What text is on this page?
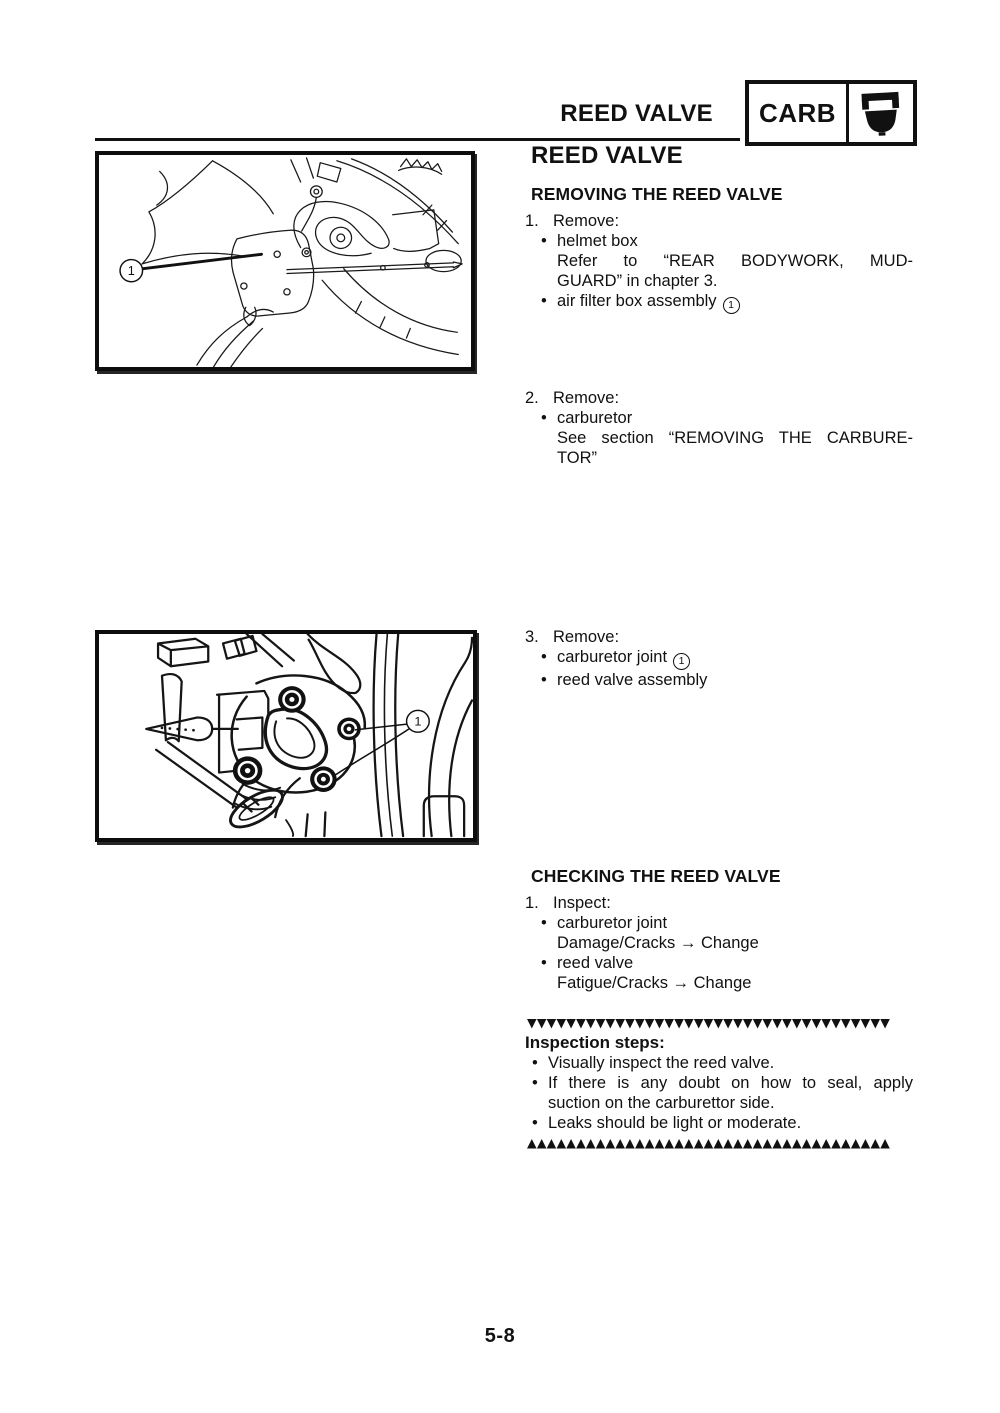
REED VALVE	CARB
1
1
REED VALVE
REMOVING THE REED VALVE
1. Remove:
• helmet box
Refer to “REAR BODYWORK, MUD-
GUARD” in chapter 3.
• air filter box assembly 1
2. Remove:
• carburetor
See section “REMOVING THE CARBURE-
TOR”
3. Remove:
• carburetor joint 1
• reed valve assembly
CHECKING THE REED VALVE
1. Inspect:
• carburetor joint
Damage/Cracks → Change
• reed valve
Fatigue/Cracks → Change
▼▼▼▼▼▼▼▼▼▼▼▼▼▼▼▼▼▼▼▼▼▼▼▼▼▼▼▼▼▼▼▼▼▼▼▼▼
Inspection steps:
• Visually inspect the reed valve.
• If there is any doubt on how to seal, apply
suction on the carburettor side.
• Leaks should be light or moderate.
▲▲▲▲▲▲▲▲▲▲▲▲▲▲▲▲▲▲▲▲▲▲▲▲▲▲▲▲▲▲▲▲▲▲▲▲▲
5-8
